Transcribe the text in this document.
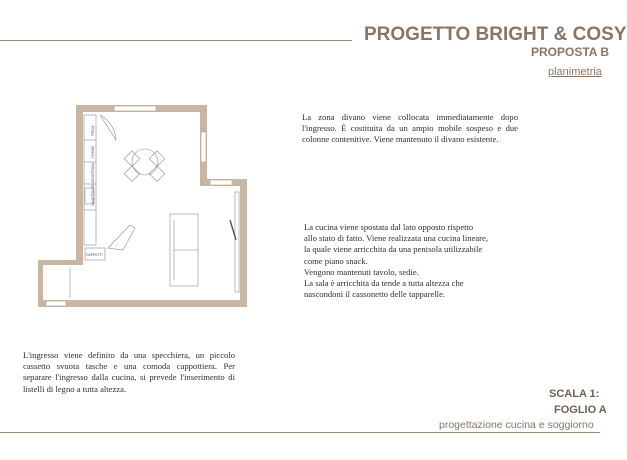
PROGETTO BRIGHT & COSY
PROPOSTA B
planimetria
FRIGO
FORNO
DISPENSA
LAVASTOVIGLIE
CAPPOTTI
La zona divano viene collocata immediatamente dopo l'ingresso. È costituita da un ampio mobile sospeso e due colonne contenitive. Viene mantenuto il divano esistente.
La cucina viene spostata dal lato opposto rispetto
allo stato di fatto. Viene realizzata una cucina lineare,
la quale viene arricchita da una penisola utilizzabile
come piano snack.
Vengono mantenuti tavolo, sedie.
La sala è arricchita da tende a tutta altezza che
nascondoni il cassonetto delle tapparelle.
L'ingresso viene definito da una specchiera, un piccolo cassetto svuota tasche e una comoda cappottiera. Per separare l'ingresso dalla cucina, si prevede l'inserimento di listelli di legno a tutta altezza.	SCALA 1:
FOGLIO A
progettazione cucina e soggiorno
